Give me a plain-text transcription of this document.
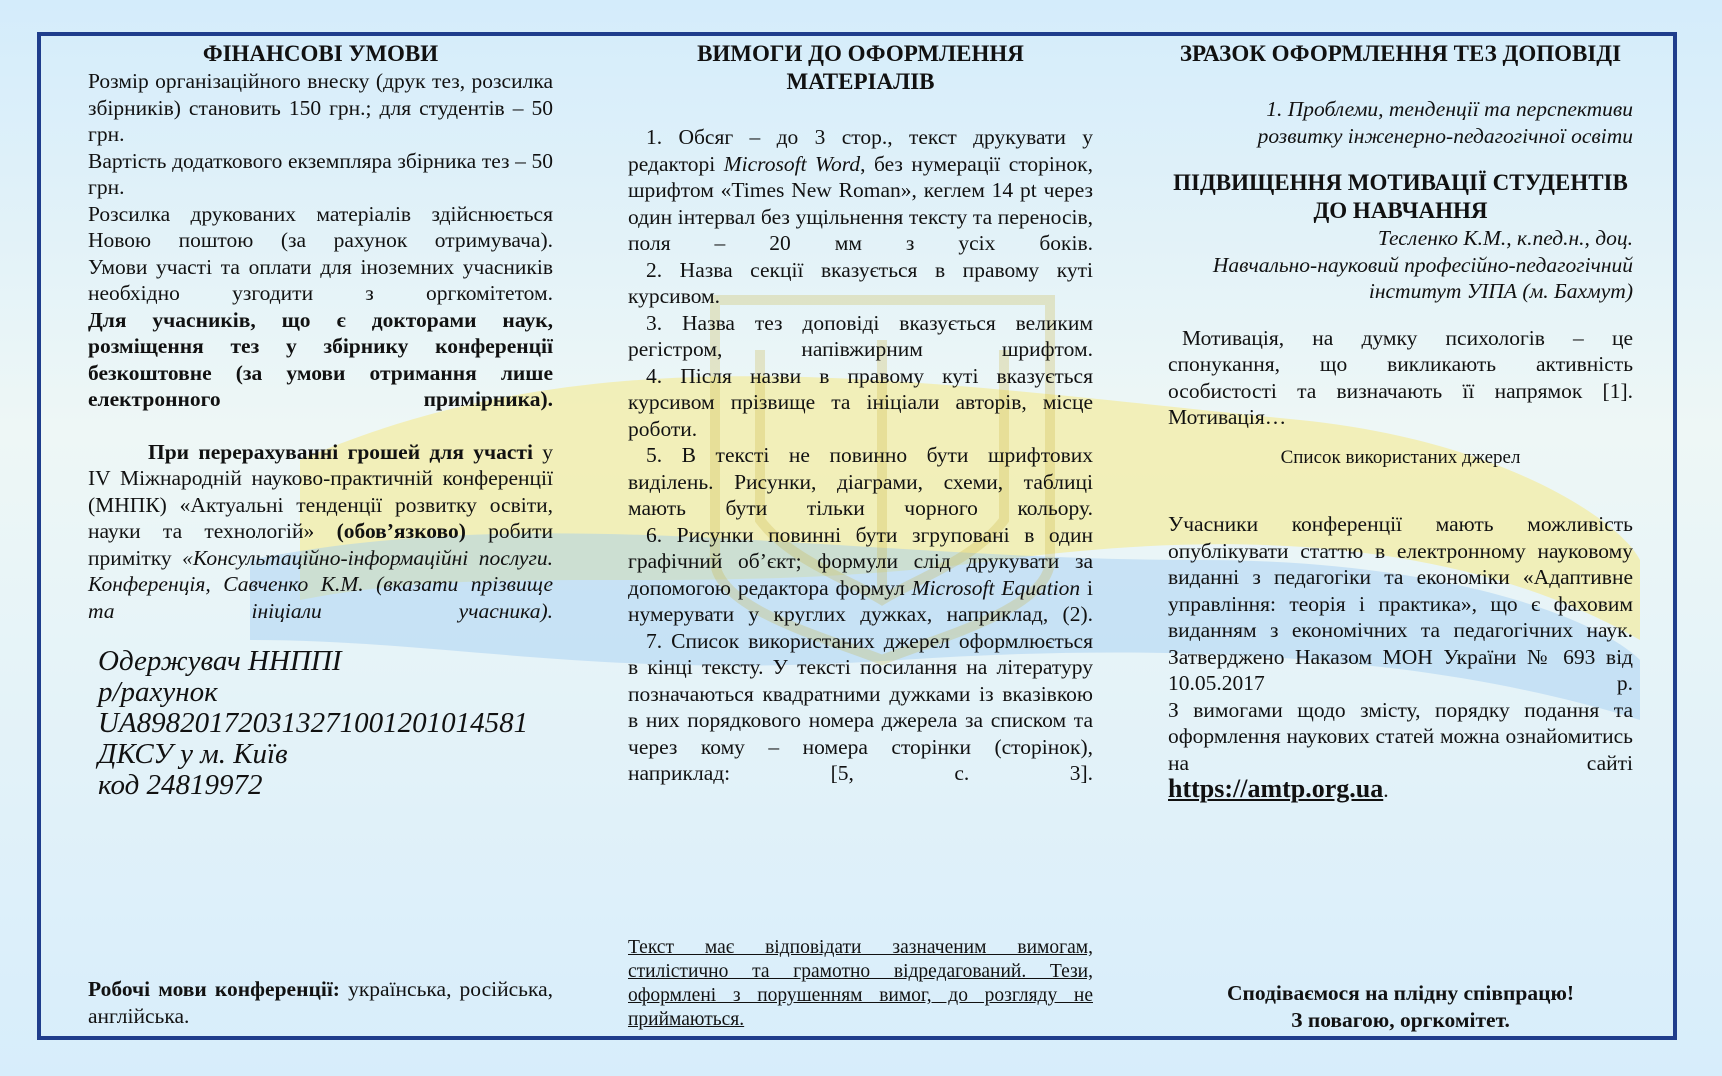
ФІНАНСОВІ УМОВИ

Розмір організаційного внеску (друк тез, розсилка збірників) становить 150 грн.; для студентів – 50 грн.

Вартість додаткового екземпляра збірника тез – 50 грн.

Розсилка друкованих матеріалів здійснюється Новою поштою (за рахунок отримувача).

Умови участі та оплати для іноземних учасників необхідно узгодити з оргкомітетом.

Для учасників, що є докторами наук, розміщення тез у збірнику конференції безкоштовне (за умови отримання лише електронного примірника).

При перерахуванні грошей для участі у IV Міжнародній науково-практичній конференції (МНПК) «Актуальні тенденції розвитку освіти, науки та технологій» (обов’язково) робити примітку «Консультаційно-інформаційні послуги. Конференція, Савченко К.М. (вказати прізвище та ініціали учасника).

Одержувач ННППІ
р/рахунок
UA898201720313271001201014581
ДКСУ у м. Київ
код 24819972

Робочі мови конференції: українська, російська, англійська.

ВИМОГИ ДО ОФОРМЛЕННЯ МАТЕРІАЛІВ

1. Обсяг – до 3 стор., текст друкувати у редакторі Microsoft Word, без нумерації сторінок, шрифтом «Times New Roman», кеглем 14 pt через один інтервал без ущільнення тексту та переносів, поля – 20 мм з усіх боків.

2. Назва секції вказується в правому куті курсивом.

3. Назва тез доповіді вказується великим регістром, напівжирним шрифтом.

4. Після назви в правому куті вказується курсивом прізвище та ініціали авторів, місце роботи.

5. В тексті не повинно бути шрифтових виділень. Рисунки, діаграми, схеми, таблиці мають бути тільки чорного кольору.

6. Рисунки повинні бути згруповані в один графічний об’єкт; формули слід друкувати за допомогою редактора формул Microsoft Equation і нумерувати у круглих дужках, наприклад, (2).

7. Список використаних джерел оформлюється в кінці тексту. У тексті посилання на літературу позначаються квадратними дужками із вказівкою в них порядкового номера джерела за списком та через кому – номера сторінки (сторінок), наприклад: [5, с. 3].

Текст має відповідати зазначеним вимогам, стилістично та грамотно відредагований. Тези, оформлені з порушенням вимог, до розгляду не приймаються.

ЗРАЗОК ОФОРМЛЕННЯ ТЕЗ ДОПОВІДІ

1. Проблеми, тенденції та перспективи розвитку інженерно-педагогічної освіти

ПІДВИЩЕННЯ МОТИВАЦІЇ СТУДЕНТІВ ДО НАВЧАННЯ

Тесленко К.М., к.пед.н., доц.

Навчально-науковий професійно-педагогічний інститут УІПА (м. Бахмут)

Мотивація, на думку психологів – це спонукання, що викликають активність особистості та визначають її напрямок [1]. Мотивація…

Список використаних джерел

Учасники конференції мають можливість опублікувати статтю в електронному науковому виданні з педагогіки та економіки «Адаптивне управління: теорія і практика», що є фаховим виданням з економічних та педагогічних наук. Затверджено Наказом МОН України № 693 від 10.05.2017 р.

З вимогами щодо змісту, порядку подання та оформлення наукових статей можна ознайомитись на сайті

https://amtp.org.ua.

Сподіваємося на плідну співпрацю!

З повагою, оргкомітет.
